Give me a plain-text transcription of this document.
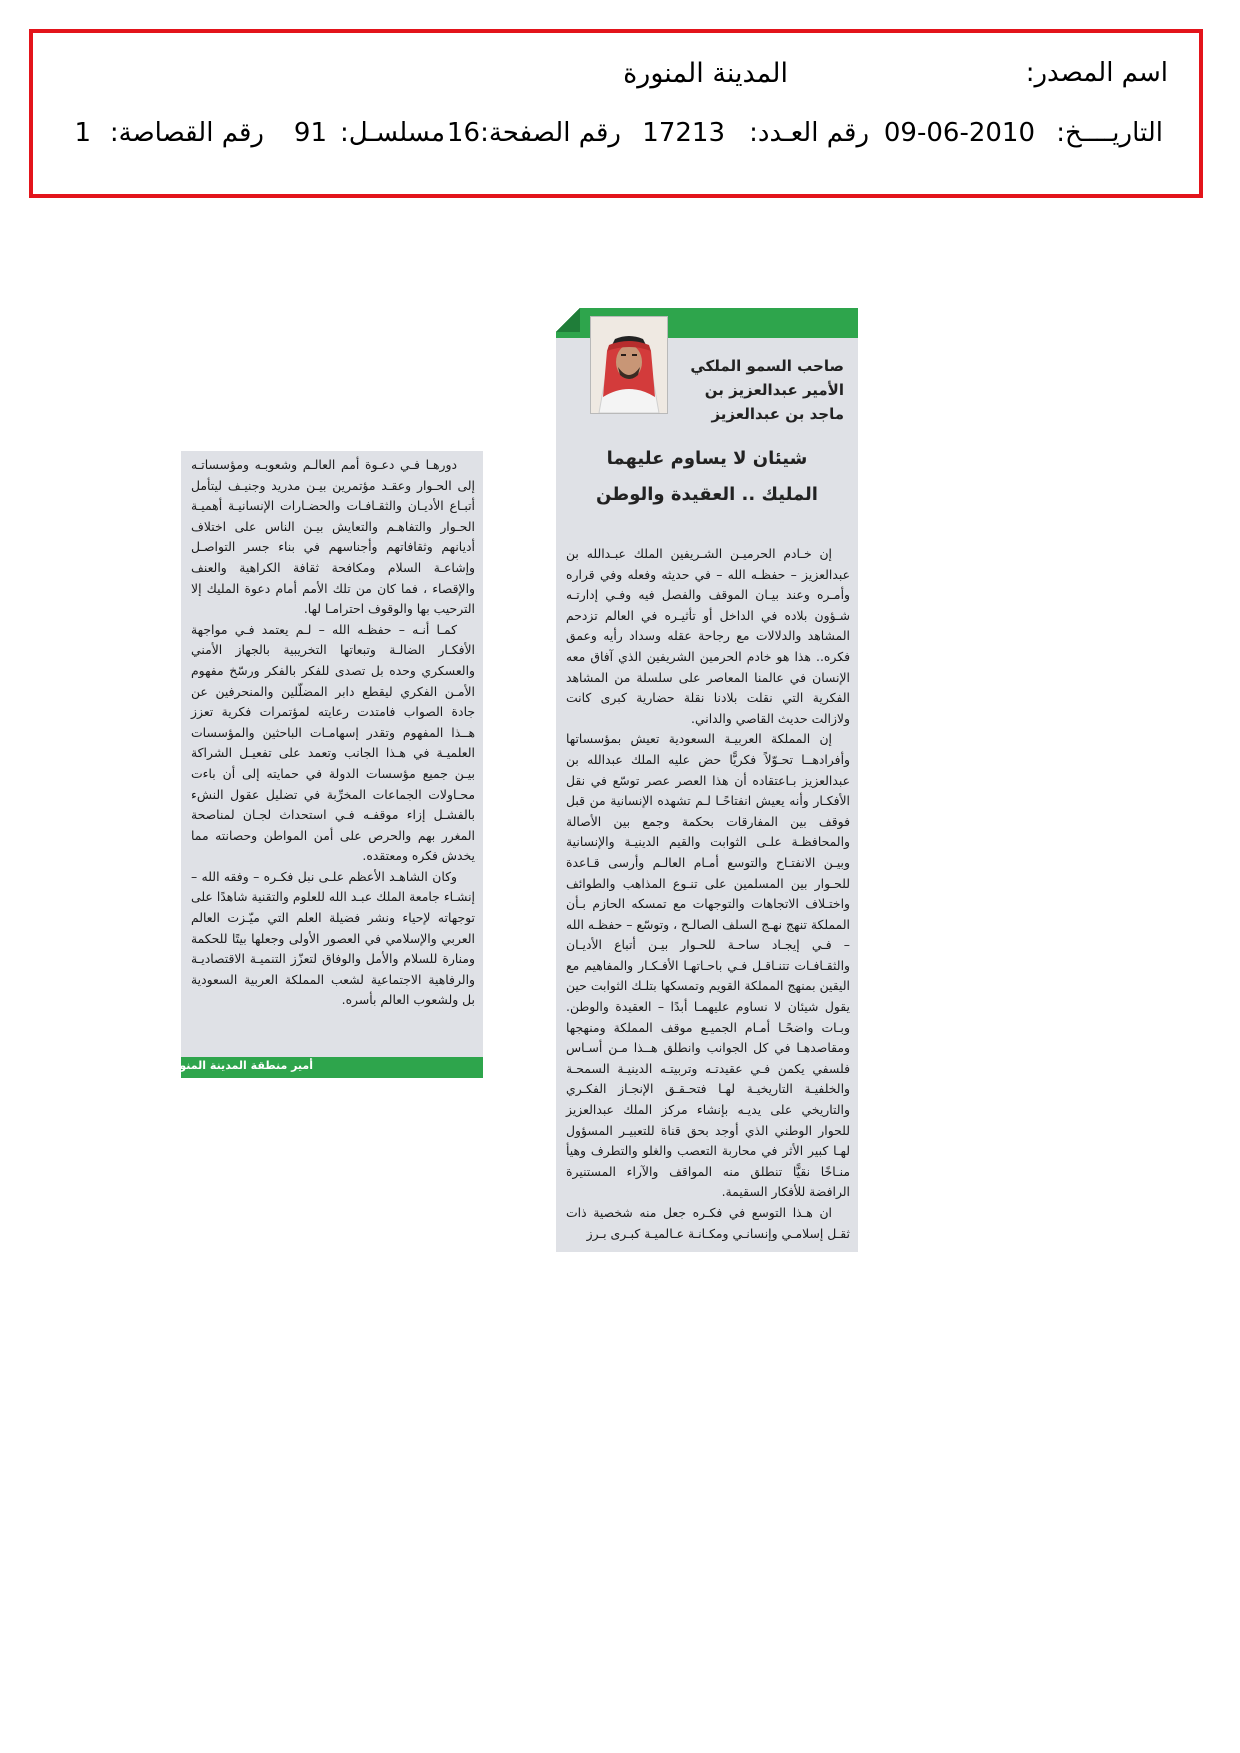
اسم المصدر:
المدينة المنورة
التاريــــخ:
09-06-2010
رقم العـدد:
17213
رقم الصفحة:
16
مسلسـل:
91
رقم القصاصة:
1
صاحب السمو الملكي
الأمير عبدالعزيز بن
ماجد بن عبدالعزيز
شيئان لا يساوم عليهما
المليك .. العقيدة والوطن

إن خـادم الحرميـن الشـريفين الملك عبـدالله بن عبدالعزيز – حفظـه الله – في حديثه وفعله وفي قراره وأمـره وعند بيـان الموقف والفصل فيه وفـي إدارتـه شـؤون بلاده في الداخل أو تأثيـره في العالم تزدحم المشاهد والدلالات مع رجاحة عقله وسداد رأيه وعمق فكره.. هذا هو خادم الحرمين الشريفين الذي آفاق معه الإنسان في عالمنا المعاصر على سلسلة من المشاهد الفكرية التي نقلت بلادنا نقلة حضارية كبرى كانت ولازالت حديث القاصي والداني.

إن المملكة العربيـة السعودية تعيش بمؤسساتها وأفرادهــا تحـوّلاً فكريًّا حض عليه الملك عبدالله بن عبدالعزيز بـاعتقاده أن هذا العصر عصر توسّع في نقل الأفكـار وأنه يعيش انفتاحًـا لـم تشهده الإنسانية من قبل فوقف بين المفارقات بحكمة وجمع بين الأصالة والمحافظـة علـى الثوابت والقيم الدينيـة والإنسانية وبيـن الانفتـاح والتوسع أمـام العالـم وأرسى قـاعدة للحـوار بين المسلمين على تنـوع المذاهب والطوائف واختـلاف الاتجاهات والتوجهات مع تمسكه الحازم بـأن المملكة تنهج نهـج السلف الصالـح ، وتوسّع – حفظـه الله – فـي إيجـاد ساحـة للحـوار بيـن أتباع الأديـان والثقـافـات تتنـاقـل فـي باحـاتهـا الأفـكـار والمفاهيم مع اليقين بمنهج المملكة القويم وتمسكها بتلـك الثوابت حين يقول شيئان لا نساوم عليهمـا أبدًا – العقيدة والوطن. وبـات واضحًـا أمـام الجميـع موقف المملكة ومنهجها ومقاصدهـا في كل الجوانب وانطلق هــذا مـن أسـاس فلسفي يكمن فـي عقيدتـه وتربيتـه الدينيـة السمحـة والخلفيـة التاريخيـة لهـا فتحـقـق الإنجـاز الفكـري والتاريخي على يديـه بإنشاء مركز الملك عبدالعزيز للحوار الوطني الذي أوجد بحق قناة للتعبيـر المسؤول لهـا كبير الأثر في محاربة التعصب والغلو والتطرف وهيأ منـاخًا نقيًّا تنطلق منه المواقف والآراء المستنيرة الرافضة للأفكار السقيمة.

ان هـذا التوسع في فكـره جعل منه شخصية ذات ثقـل إسلامـي وإنسانـي ومكـانـة عـالميـة كبـرى بـرز

دورهـا فـي دعـوة أمم العالـم وشعوبـه ومؤسساتـه إلى الحـوار وعقـد مؤتمرين بيـن مدريد وجنيـف ليتأمل أتبـاع الأديـان والثقـافـات والحضـارات الإنسانيـة أهميـة الحـوار والتفاهـم والتعايش بيـن الناس على اختلاف أديانهم وثقافاتهم وأجناسهم في بناء جسر التواصـل وإشاعـة السلام ومكافحة ثقافة الكراهية والعنف والإقصاء ، فما كان من تلك الأمم أمام دعوة المليك إلا الترحيب بها والوقوف احترامـا لها.

كمـا أنـه – حفظـه الله – لـم يعتمد فـي مواجهة الأفكـار الضالـة وتبعاتها التخريبية بالجهاز الأمني والعسكري وحده بل تصدى للفكر بالفكر ورسّخ مفهوم الأمـن الفكري ليقطع دابر المضلّلين والمنحرفين عن جادة الصواب فامتدت رعايته لمؤتمرات فكرية تعزز هــذا المفهوم وتقدر إسهامـات الباحثين والمؤسسات العلميـة في هـذا الجانب وتعمد على تفعيـل الشراكة بيـن جميع مؤسسات الدولة في حمايته إلى أن باءت محـاولات الجماعات المخرِّبة في تضليل عقول النشء بالفشـل إزاء موقفـه فـي استحداث لجـان لمناصحة المغرر بهم والحرص على أمن المواطن وحصانته مما يخدش فكره ومعتقده.

وكان الشاهـد الأعظم علـى نبل فكـره – وفقه الله – إنشـاء جامعة الملك عبـد الله للعلوم والتقنية شاهدًا على توجهاته لإحياء ونشر فضيلة العلم التي ميّـزت العالم العربي والإسلامي في العصور الأولى وجعلها بيتًا للحكمة ومنارة للسلام والأمل والوفاق لتعزّز التنميـة الاقتصاديـة والرفاهية الاجتماعية لشعب المملكة العربية السعودية بل ولشعوب العالم بأسره.

أمير منطقة المدينة المنورة
